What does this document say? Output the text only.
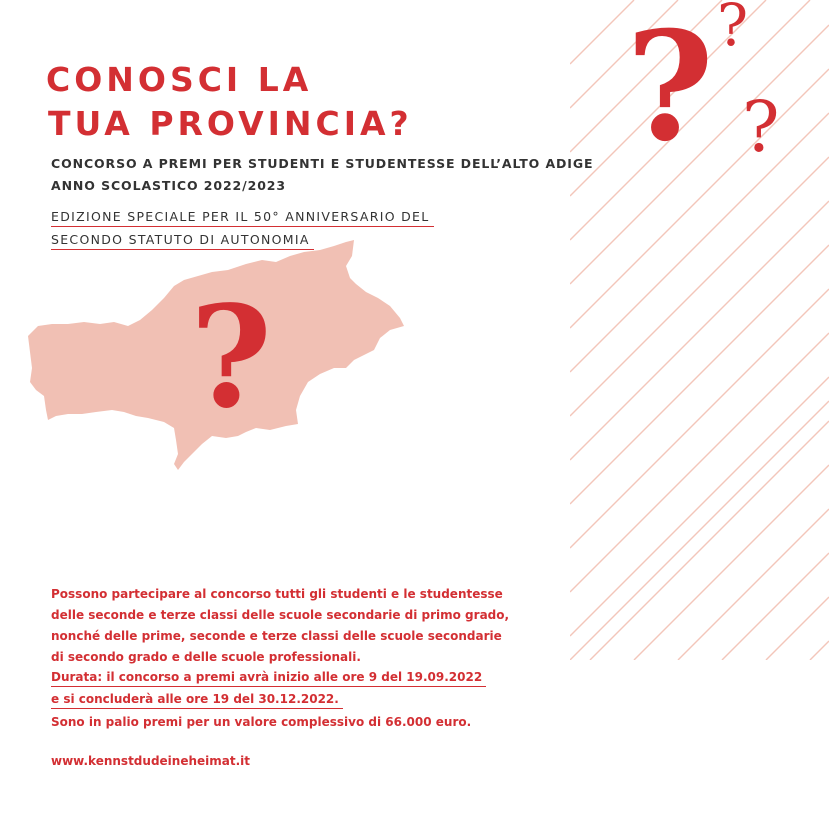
? ?
?
CONOSCI LA
TUA PROVINCIA?
CONCORSO A PREMI PER STUDENTI E STUDENTESSE DELL’ALTO ADIGE
ANNO SCOLASTICO 2022/2023
EDIZIONE SPECIALE PER IL 50° ANNIVERSARIO DEL
SECONDO STATUTO DI AUTONOMIA
?
Possono partecipare al concorso tutti gli studenti e le studentesse
delle seconde e terze classi delle scuole secondarie di primo grado,
nonché delle prime, seconde e terze classi delle scuole secondarie
di secondo grado e delle scuole professionali.
Durata: il concorso a premi avrà inizio alle ore 9 del 19.09.2022
e si concluderà alle ore 19 del 30.12.2022.
Sono in palio premi per un valore complessivo di 66.000 euro.
www.kennstdudeineheimat.it
